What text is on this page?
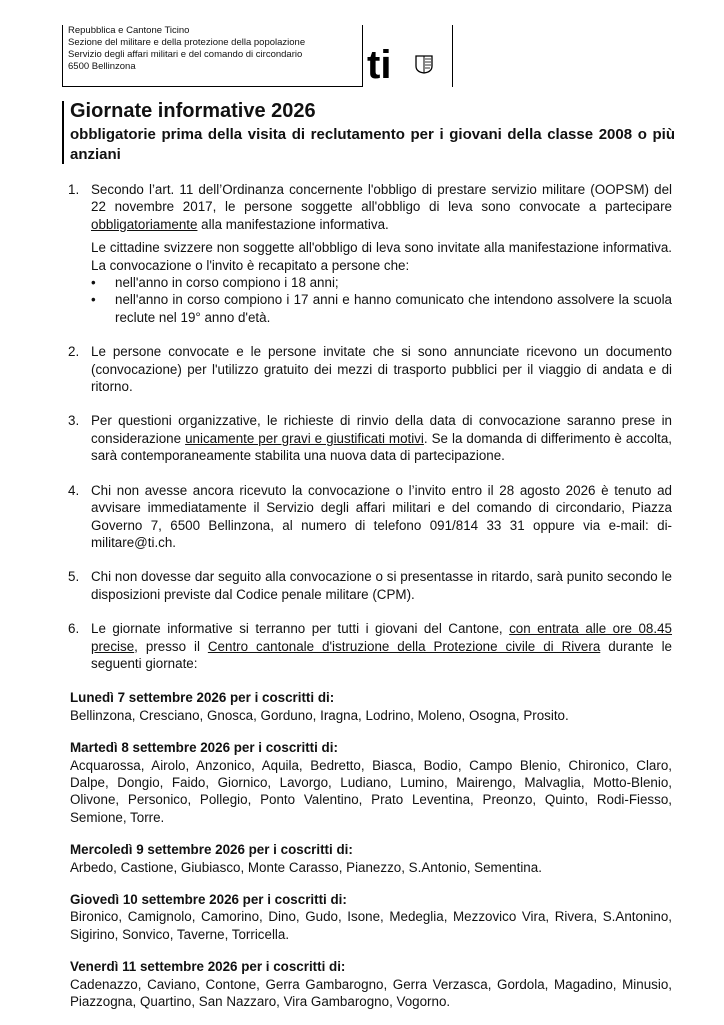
Repubblica e Cantone Ticino
Sezione del militare e della protezione della popolazione
Servizio degli affari militari e del comando di circondario
6500 Bellinzona	ti
Giornate informative 2026
obbligatorie prima della visita di reclutamento per i giovani della classe 2008 o più anziani
1. Secondo l’art. 11 dell’Ordinanza concernente l'obbligo di prestare servizio militare (OOPSM) del 22 novembre 2017, le persone soggette all'obbligo di leva sono convocate a partecipare obbligatoriamente alla manifestazione informativa.

Le cittadine svizzere non soggette all'obbligo di leva sono invitate alla manifestazione informativa. La convocazione o l'invito è recapitato a persone che:

• nell'anno in corso compiono i 18 anni;
• nell'anno in corso compiono i 17 anni e hanno comunicato che intendono assolvere la scuola reclute nel 19° anno d'età.
2. Le persone convocate e le persone invitate che si sono annunciate ricevono un documento (convocazione) per l'utilizzo gratuito dei mezzi di trasporto pubblici per il viaggio di andata e di ritorno.

3. Per questioni organizzative, le richieste di rinvio della data di convocazione saranno prese in considerazione unicamente per gravi e giustificati motivi. Se la domanda di differimento è accolta, sarà contemporaneamente stabilita una nuova data di partecipazione.

4. Chi non avesse ancora ricevuto la convocazione o l’invito entro il 28 agosto 2026 è tenuto ad avvisare immediatamente il Servizio degli affari militari e del comando di circondario, Piazza Governo 7, 6500 Bellinzona, al numero di telefono 091/814 33 31 oppure via e-mail: di-militare@ti.ch.

5. Chi non dovesse dar seguito alla convocazione o si presentasse in ritardo, sarà punito secondo le disposizioni previste dal Codice penale militare (CPM).

6. Le giornate informative si terranno per tutti i giovani del Cantone, con entrata alle ore 08.45 precise, presso il Centro cantonale d'istruzione della Protezione civile di Rivera durante le seguenti giornate:

Lunedì 7 settembre 2026 per i coscritti di:

Bellinzona, Cresciano, Gnosca, Gorduno, Iragna, Lodrino, Moleno, Osogna, Prosito.

Martedì 8 settembre 2026 per i coscritti di:

Acquarossa, Airolo, Anzonico, Aquila, Bedretto, Biasca, Bodio, Campo Blenio, Chironico, Claro, Dalpe, Dongio, Faido, Giornico, Lavorgo, Ludiano, Lumino, Mairengo, Malvaglia, Motto-Blenio, Olivone, Personico, Pollegio, Ponto Valentino, Prato Leventina, Preonzo, Quinto, Rodi-Fiesso, Semione, Torre.

Mercoledì 9 settembre 2026 per i coscritti di:

Arbedo, Castione, Giubiasco, Monte Carasso, Pianezzo, S.Antonio, Sementina.

Giovedì 10 settembre 2026 per i coscritti di:

Bironico, Camignolo, Camorino, Dino, Gudo, Isone, Medeglia, Mezzovico Vira, Rivera, S.Antonino, Sigirino, Sonvico, Taverne, Torricella.

Venerdì 11 settembre 2026 per i coscritti di:

Cadenazzo, Caviano, Contone, Gerra Gambarogno, Gerra Verzasca, Gordola, Magadino, Minusio, Piazzogna, Quartino, San Nazzaro, Vira Gambarogno, Vogorno.
